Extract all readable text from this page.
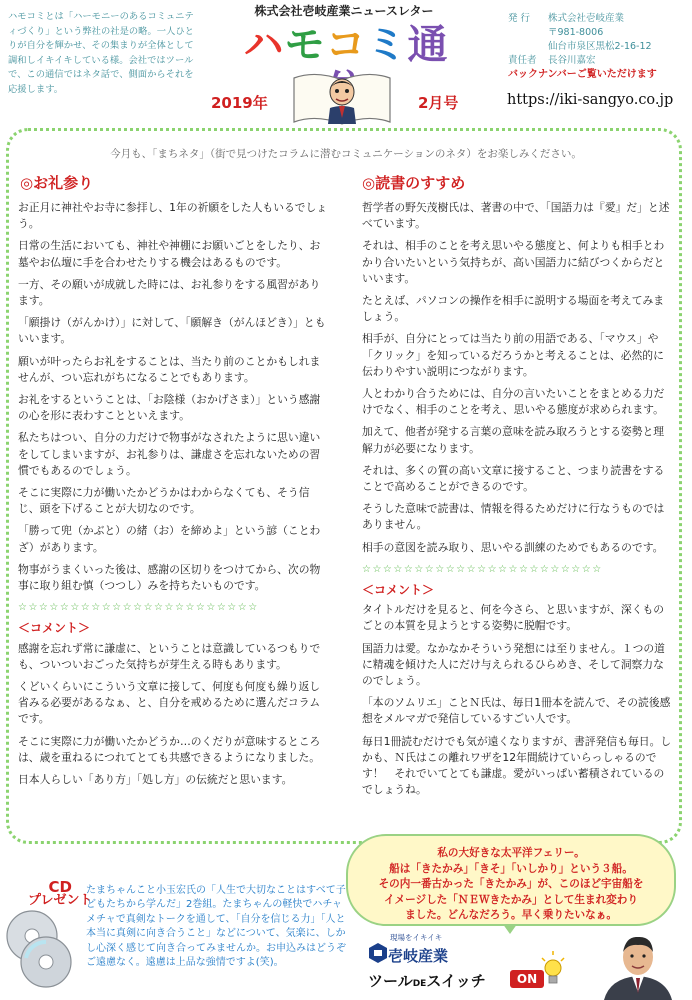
ハモコミとは「ハーモニーのあるコミュニティづくり」という弊社の社是の略。一人ひとりが自分を輝かせ、その集まりが全体として調和しイキイキしている様。会社ではツールで、この通信ではネタ話で、側面からそれを応援します。
株式会社壱岐産業ニュースレター
ハモコミ通
2019年	2月号
発 行 株式会社壱岐産業
〒981-8006
仙台市泉区黒松2-16-12
責任者 長谷川嘉宏
バックナンバーご覧いただけます
https://iki-sangyo.co.jp
今月も、「まちネタ」（街で見つけたコラムに潜むコミュニケーションのネタ）をお楽しみください。
◎お礼参り	◎読書のすすめ

お正月に神社やお寺に参拝し、1年の祈願をした人もいるでしょう。

日常の生活においても、神社や神棚にお願いごとをしたり、お墓やお仏壇に手を合わせたりする機会はあるものです。

一方、その願いが成就した時には、お礼参りをする風習があります。

「願掛け（がんかけ）」に対して、「願解き（がんほどき）」ともいいます。

願いが叶ったらお礼をすることは、当たり前のことかもしれませんが、つい忘れがちになることでもあります。

お礼をするということは、「お陰様（おかげさま）」という感謝の心を形に表わすことといえます。

私たちはつい、自分の力だけで物事がなされたように思い違いをしてしまいますが、お礼参りは、謙虚さを忘れないための習慣でもあるのでしょう。

そこに実際に力が働いたかどうかはわからなくても、そう信じ、頭を下げることが大切なのです。

「勝って兜（かぶと）の緒（お）を締めよ」という諺（ことわざ）があります。

物事がうまくいった後は、感謝の区切りをつけてから、次の物事に取り組む慎（つつし）みを持ちたいものです。

☆☆☆☆☆☆☆☆☆☆☆☆☆☆☆☆☆☆☆☆☆☆☆
＜コメント＞

感謝を忘れず常に謙虚に、ということは意識しているつもりでも、ついついおごった気持ちが芽生える時もあります。

くどいくらいにこういう文章に接して、何度も何度も繰り返し省みる必要があるなぁ、と、自分を戒めるために選んだコラムです。

そこに実際に力が働いたかどうか…のくだりが意味するところは、歳を重ねるにつれてとても共感できるようになりました。

日本人らしい「あり方」「処し方」の伝統だと思います。

哲学者の野矢茂樹氏は、著書の中で、「国語力は『愛』だ」と述べています。

それは、相手のことを考え思いやる態度と、何よりも相手とわかり合いたいという気持ちが、高い国語力に結びつくからだといいます。

たとえば、パソコンの操作を相手に説明する場面を考えてみましょう。

相手が、自分にとっては当たり前の用語である、「マウス」や「クリック」を知っているだろうかと考えることは、必然的に伝わりやすい説明につながります。

人とわかり合うためには、自分の言いたいことをまとめる力だけでなく、相手のことを考え、思いやる態度が求められます。

加えて、他者が発する言葉の意味を読み取ろうとする姿勢と理解力が必要になります。

それは、多くの質の高い文章に接すること、つまり読書をすることで高めることができるのです。

そうした意味で読書は、情報を得るためだけに行なうものではありません。

相手の意図を読み取り、思いやる訓練のためでもあるのです。

☆☆☆☆☆☆☆☆☆☆☆☆☆☆☆☆☆☆☆☆☆☆☆
＜コメント＞

タイトルだけを見ると、何を今さら、と思いますが、深くものごとの本質を見ようとする姿勢に脱帽です。

国語力は愛。なかなかそういう発想には至りません。１つの道に精魂を傾けた人にだけ与えられるひらめき、そして洞察力なのでしょう。

「本のソムリエ」ことＮ氏は、毎日1冊本を読んで、その読後感想をメルマガで発信しているすごい人です。

毎日1冊読むだけでも気が遠くなりますが、書評発信も毎日。しかも、Ｎ氏はこの離れワザを12年間続けていらっしゃるのです！　それでいてとても謙虚。愛がいっぱい蓄積されているのでしょうね。

私の大好きな太平洋フェリー。
船は「きたかみ」「きそ」「いしかり」という３船。
その内一番古かった「きたかみ」が、このほど宇宙船を
イメージした「ＮＥＷきたかみ」として生まれ変わり
ました。どんなだろう。早く乗りたいなぁ。
CD
プレゼント
たまちゃんこと小玉宏氏の「人生で大切なことはすべて子どもたちから学んだ」2巻組。たまちゃんの軽快でハチャメチャで真剣なトークを通して、「自分を信じる力」「人と本当に真剣に向き合うこと」などについて、気楽に、しかし心深く感じて向き合ってみませんか。お申込みはどうぞご遠慮なく。遠慮は上品な強情ですよ(笑)。
現場をイキイキ
壱岐産業
ツールDEスイッチ	ON
